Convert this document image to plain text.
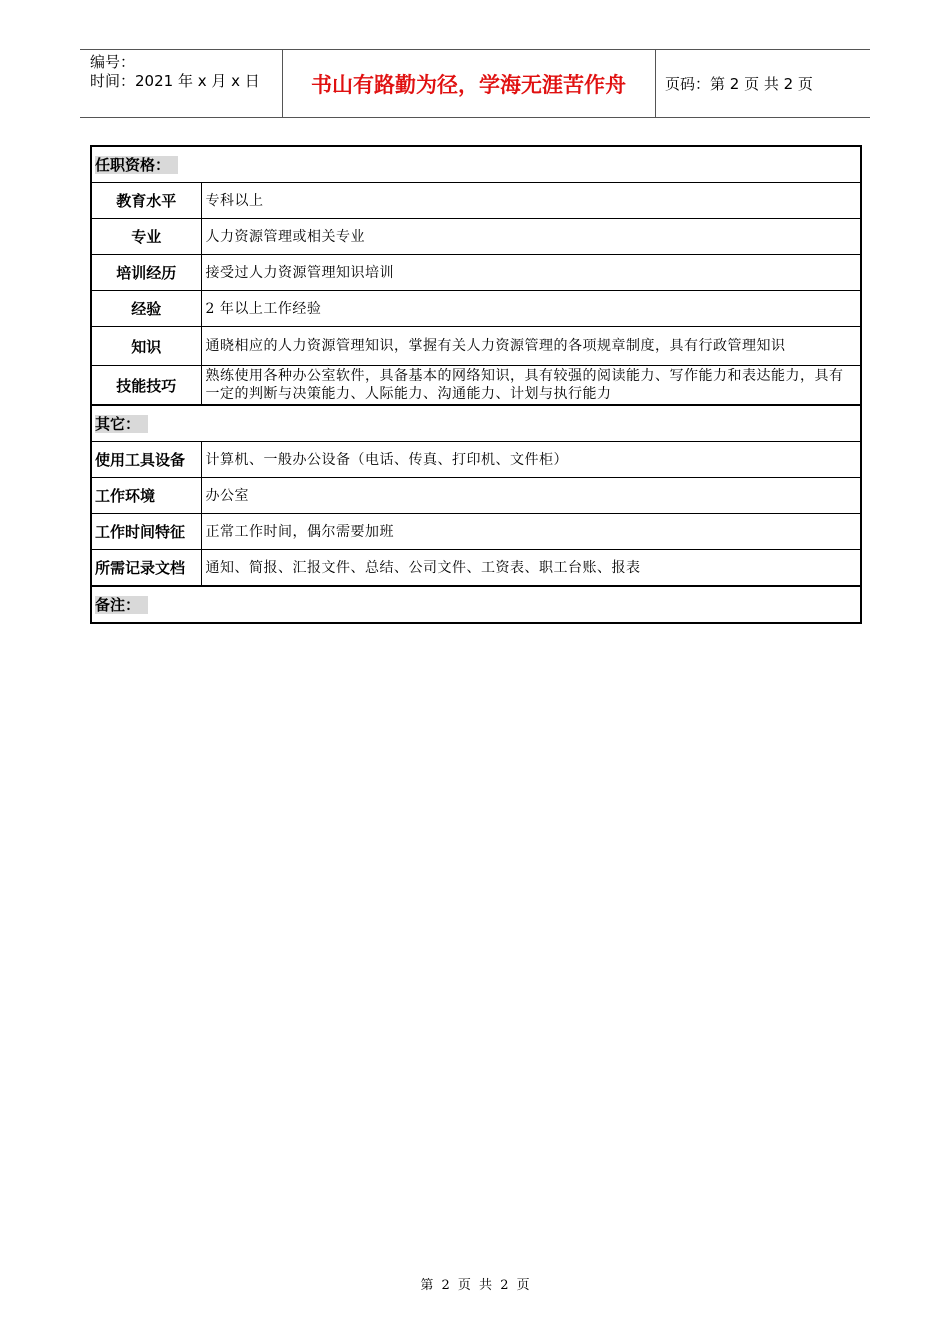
编号：
时间：2021 年 x 月 x 日	书山有路勤为径，学海无涯苦作舟	页码：第 2 页 共 2 页
任职资格：	
教育水平	专科以上
专业	人力资源管理或相关专业
培训经历	接受过人力资源管理知识培训
经验	2 年以上工作经验
知识	通晓相应的人力资源管理知识，掌握有关人力资源管理的各项规章制度，具有行政管理知识
技能技巧	熟练使用各种办公室软件，具备基本的网络知识，具有较强的阅读能力、写作能力和表达能力，具有一定的判断与决策能力、人际能力、沟通能力、计划与执行能力
其它：	
使用工具设备	计算机、一般办公设备（电话、传真、打印机、文件柜）
工作环境	办公室
工作时间特征	正常工作时间，偶尔需要加班
所需记录文档	通知、简报、汇报文件、总结、公司文件、工资表、职工台账、报表
备注：	
第 2 页 共 2 页
